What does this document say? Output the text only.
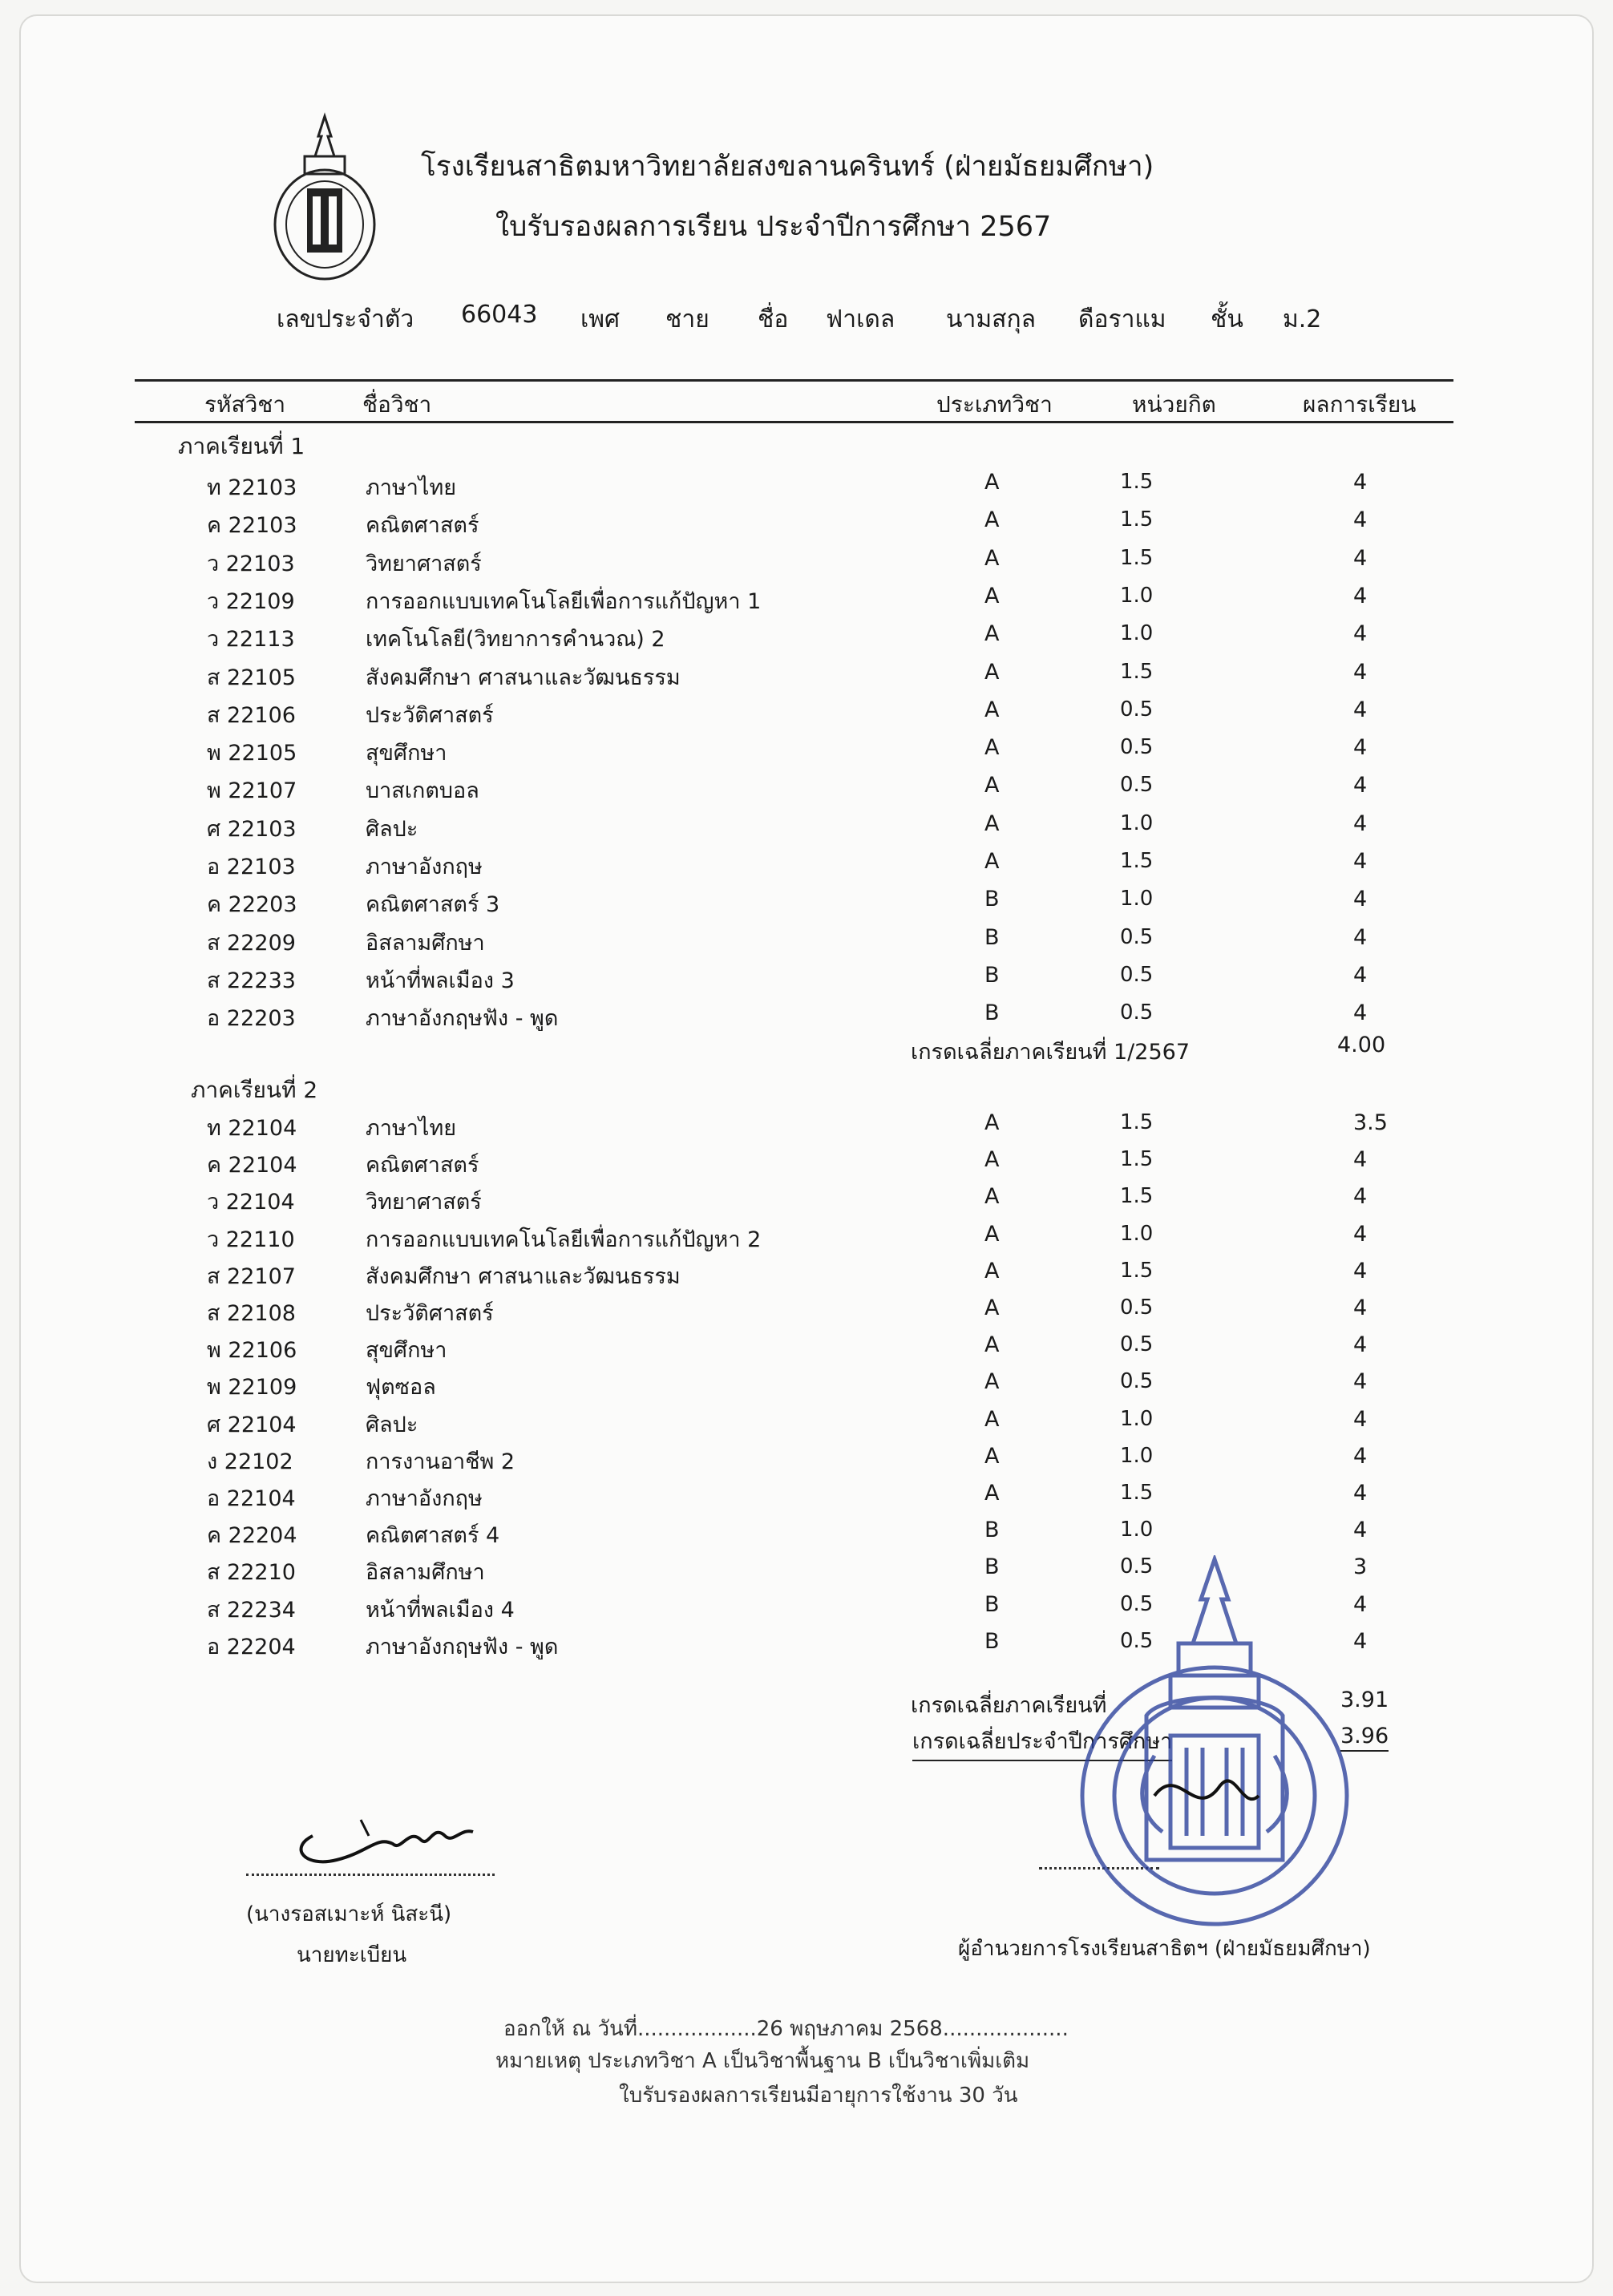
โรงเรียนสาธิตมหาวิทยาลัยสงขลานครินทร์ (ฝ่ายมัธยมศึกษา)
ใบรับรองผลการเรียน ประจำปีการศึกษา 2567
เลขประจำตัว 66043 เพศ ชาย ชื่อ ฟาเดล นามสกุล ดือราแม ชั้น ม.2
รหัสวิชา	ชื่อวิชา	ประเภทวิชา	หน่วยกิต	ผลการเรียน
ภาคเรียนที่ 1
ท 22103	ภาษาไทย	A	1.5	4
ค 22103	คณิตศาสตร์	A	1.5	4
ว 22103	วิทยาศาสตร์	A	1.5	4
ว 22109	การออกแบบเทคโนโลยีเพื่อการแก้ปัญหา 1	A	1.0	4
ว 22113	เทคโนโลยี(วิทยาการคำนวณ) 2	A	1.0	4
ส 22105	สังคมศึกษา ศาสนาและวัฒนธรรม	A	1.5	4
ส 22106	ประวัติศาสตร์	A	0.5	4
พ 22105	สุขศึกษา	A	0.5	4
พ 22107	บาสเกตบอล	A	0.5	4
ศ 22103	ศิลปะ	A	1.0	4
อ 22103	ภาษาอังกฤษ	A	1.5	4
ค 22203	คณิตศาสตร์ 3	B	1.0	4
ส 22209	อิสลามศึกษา	B	0.5	4
ส 22233	หน้าที่พลเมือง 3	B	0.5	4
อ 22203	ภาษาอังกฤษฟัง - พูด	B	0.5	4
เกรดเฉลี่ยภาคเรียนที่ 1/2567	4.00
ภาคเรียนที่ 2
ท 22104	ภาษาไทย	A	1.5	3.5
ค 22104	คณิตศาสตร์	A	1.5	4
ว 22104	วิทยาศาสตร์	A	1.5	4
ว 22110	การออกแบบเทคโนโลยีเพื่อการแก้ปัญหา 2	A	1.0	4
ส 22107	สังคมศึกษา ศาสนาและวัฒนธรรม	A	1.5	4
ส 22108	ประวัติศาสตร์	A	0.5	4
พ 22106	สุขศึกษา	A	0.5	4
พ 22109	ฟุตซอล	A	0.5	4
ศ 22104	ศิลปะ	A	1.0	4
ง 22102	การงานอาชีพ 2	A	1.0	4
อ 22104	ภาษาอังกฤษ	A	1.5	4
ค 22204	คณิตศาสตร์ 4	B	1.0	4
ส 22210	อิสลามศึกษา	B	0.5	3
ส 22234	หน้าที่พลเมือง 4	B	0.5	4
อ 22204	ภาษาอังกฤษฟัง - พูด	B	0.5	4
เกรดเฉลี่ยภาคเรียนที่	3.91
เกรดเฉลี่ยประจำปีการศึกษา	3.96
(นางรอสเมาะห์ นิสะนี)
นายทะเบียน	ผู้อำนวยการโรงเรียนสาธิตฯ (ฝ่ายมัธยมศึกษา)
ออกให้ ณ วันที่..................26 พฤษภาคม 2568...................
หมายเหตุ ประเภทวิชา A เป็นวิชาพื้นฐาน B เป็นวิชาเพิ่มเติม
ใบรับรองผลการเรียนมีอายุการใช้งาน 30 วัน
